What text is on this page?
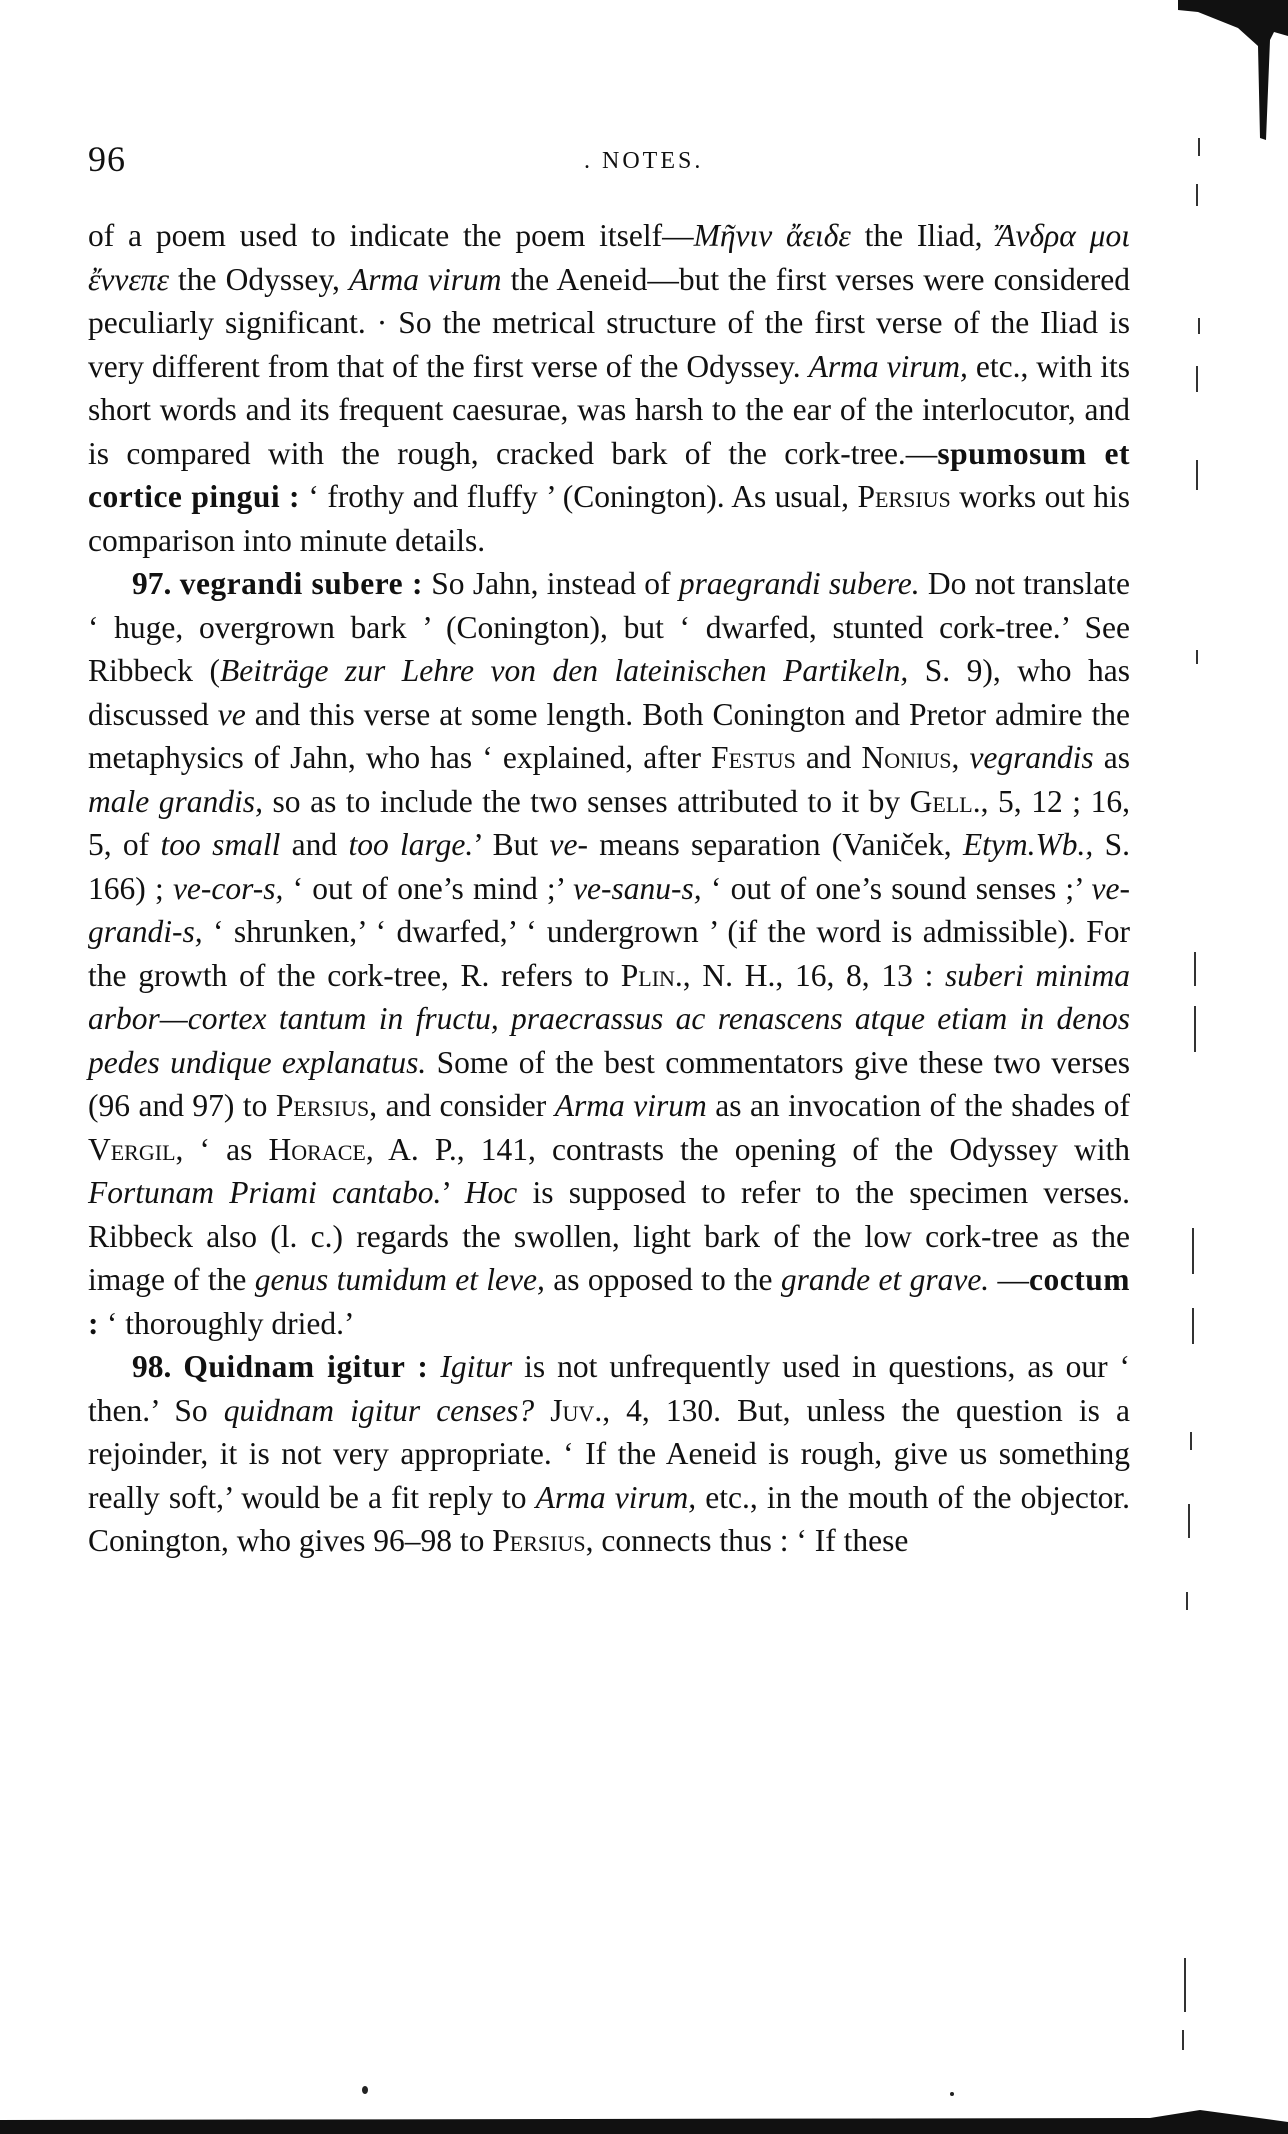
96	. NOTES.

of a poem used to indicate the poem itself—Μῆνιν ἄειδε the Iliad, Ἄνδρα μοι ἔννεπε the Odyssey, Arma virum the Aeneid—but the first verses were considered peculiarly significant. · So the metrical structure of the first verse of the Iliad is very different from that of the first verse of the Odyssey. Arma virum, etc., with its short words and its frequent caesurae, was harsh to the ear of the interlocutor, and is compared with the rough, cracked bark of the cork-tree.—spumosum et cortice pingui : ‘ frothy and fluffy ’ (Conington). As usual, Persius works out his comparison into minute details.

97. vegrandi subere : So Jahn, instead of praegrandi subere. Do not translate ‘ huge, overgrown bark ’ (Conington), but ‘ dwarfed, stunted cork-tree.’ See Ribbeck (Beiträge zur Lehre von den lateinischen Partikeln, S. 9), who has discussed ve and this verse at some length. Both Conington and Pretor admire the metaphysics of Jahn, who has ‘ explained, after Festus and Nonius, vegrandis as male grandis, so as to include the two senses attributed to it by Gell., 5, 12 ; 16, 5, of too small and too large.’ But ve- means separation (Vaniček, Etym.Wb., S. 166) ; ve-cor-s, ‘ out of one’s mind ;’ ve-sanu-s, ‘ out of one’s sound senses ;’ ve-grandi-s, ‘ shrunken,’ ‘ dwarfed,’ ‘ undergrown ’ (if the word is admissible). For the growth of the cork-tree, R. refers to Plin., N. H., 16, 8, 13 : suberi minima arbor—cortex tantum in fructu, praecrassus ac renascens atque etiam in denos pedes undique explanatus. Some of the best commentators give these two verses (96 and 97) to Persius, and consider Arma virum as an invocation of the shades of Vergil, ‘ as Horace, A. P., 141, contrasts the opening of the Odyssey with Fortunam Priami cantabo.’ Hoc is supposed to refer to the specimen verses. Ribbeck also (l. c.) regards the swollen, light bark of the low cork-tree as the image of the genus tumidum et leve, as opposed to the grande et grave. —coctum : ‘ thoroughly dried.’

98. Quidnam igitur : Igitur is not unfrequently used in questions, as our ‘ then.’ So quidnam igitur censes? Juv., 4, 130. But, unless the question is a rejoinder, it is not very appropriate. ‘ If the Aeneid is rough, give us something really soft,’ would be a fit reply to Arma virum, etc., in the mouth of the objector. Conington, who gives 96–98 to Persius, connects thus : ‘ If these
